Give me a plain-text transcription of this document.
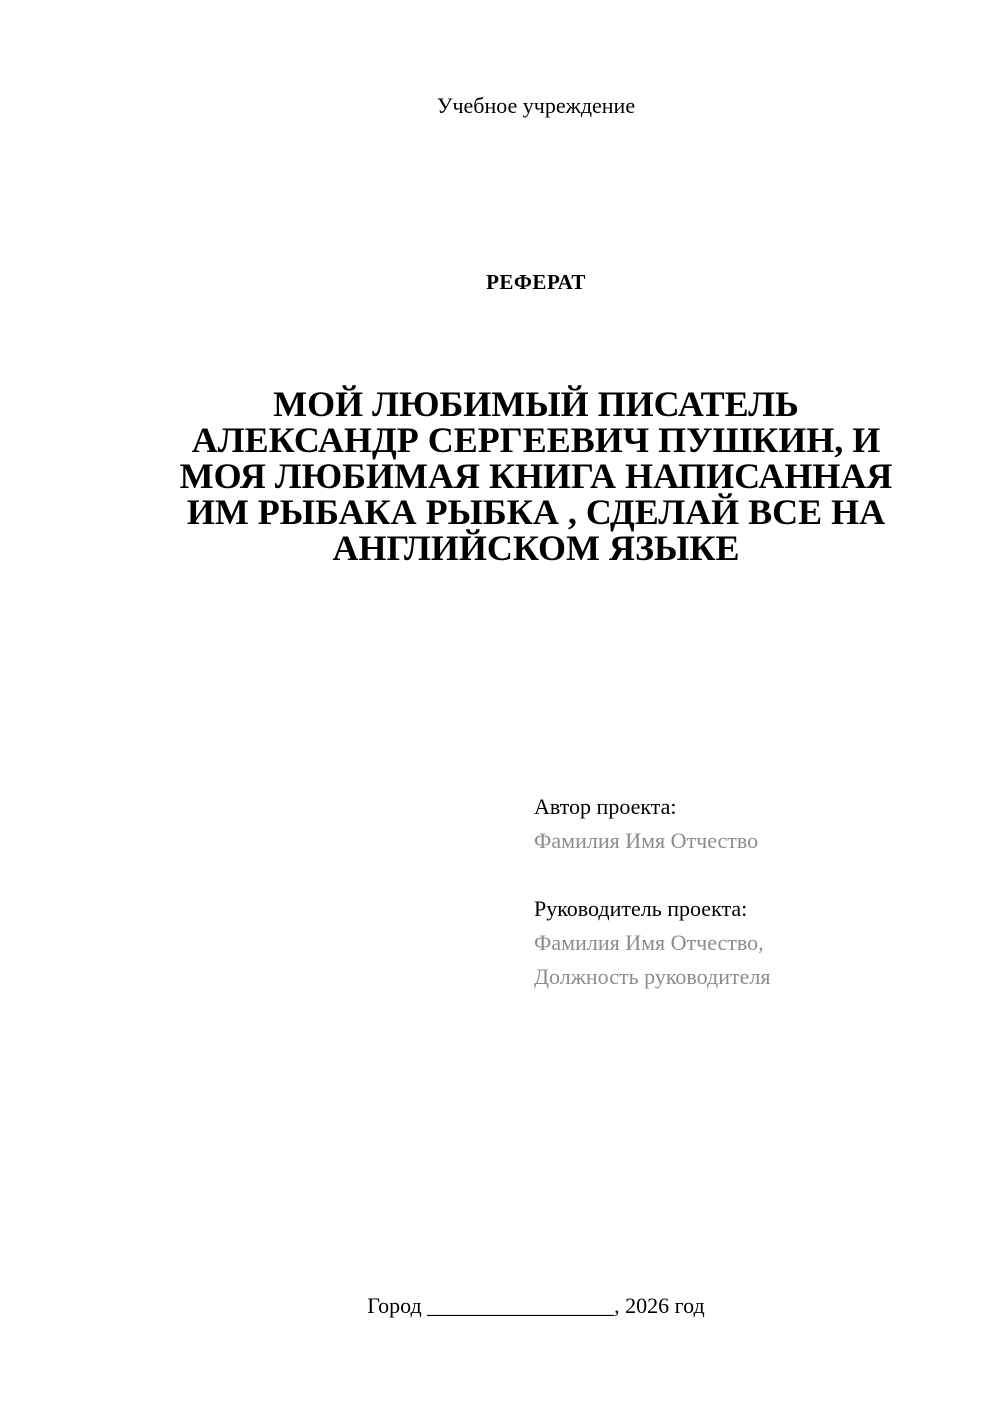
Учебное учреждение
РЕФЕРАТ
МОЙ ЛЮБИМЫЙ ПИСАТЕЛЬ
АЛЕКСАНДР СЕРГЕЕВИЧ ПУШКИН, И
МОЯ ЛЮБИМАЯ КНИГА НАПИСАННАЯ
ИМ РЫБАКА РЫБКА , СДЕЛАЙ ВСЕ НА
АНГЛИЙСКОМ ЯЗЫКЕ
Автор проекта:
Фамилия Имя Отчество
Руководитель проекта:
Фамилия Имя Отчество,
Должность руководителя
Город _________________, 2026 год
